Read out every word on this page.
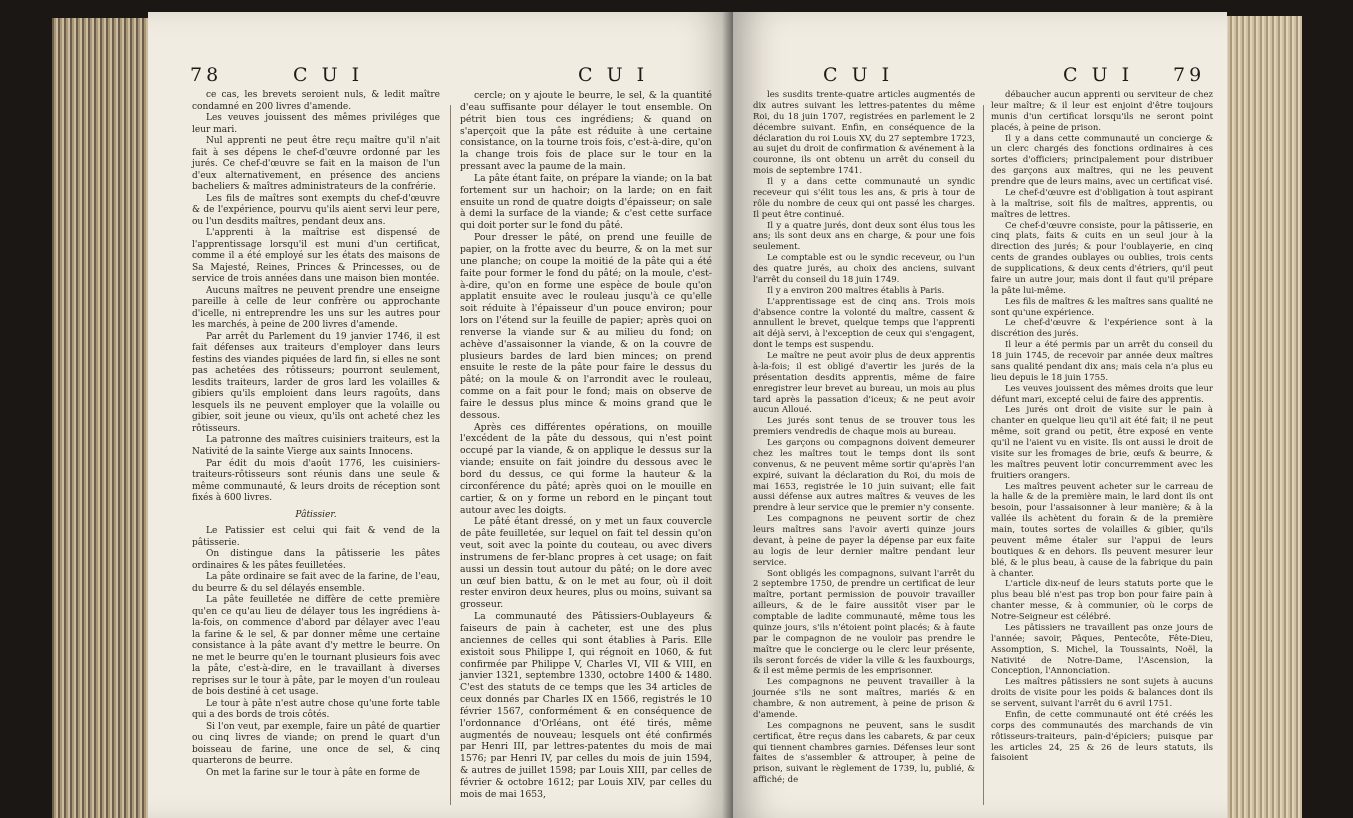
78	C U I	C U I

ce cas, les brevets seroient nuls, & ledit maître condamné en 200 livres d'amende.

Les veuves jouissent des mêmes priviléges que leur mari.

Nul apprenti ne peut être reçu maître qu'il n'ait fait à ses dépens le chef-d'œuvre ordonné par les jurés. Ce chef-d'œuvre se fait en la maison de l'un d'eux alternativement, en présence des anciens bacheliers & maîtres administrateurs de la confrérie.

Les fils de maîtres sont exempts du chef-d'œuvre & de l'expérience, pourvu qu'ils aient servi leur pere, ou l'un desdits maîtres, pendant deux ans.

L'apprenti à la maîtrise est dispensé de l'apprentissage lorsqu'il est muni d'un certificat, comme il a été employé sur les états des maisons de Sa Majesté, Reines, Princes & Princesses, ou de service de trois années dans une maison bien montée.

Aucuns maîtres ne peuvent prendre une enseigne pareille à celle de leur confrère ou approchante d'icelle, ni entreprendre les uns sur les autres pour les marchés, à peine de 200 livres d'amende.

Par arrêt du Parlement du 19 janvier 1746, il est fait défenses aux traiteurs d'employer dans leurs festins des viandes piquées de lard fin, si elles ne sont pas achetées des rôtisseurs; pourront seulement, lesdits traiteurs, larder de gros lard les volailles & gibiers qu'ils emploient dans leurs ragoûts, dans lesquels ils ne peuvent employer que la volaille ou gibier, soit jeune ou vieux, qu'ils ont acheté chez les rôtisseurs.

La patronne des maîtres cuisiniers traiteurs, est la Nativité de la sainte Vierge aux saints Innocens.

Par édit du mois d'août 1776, les cuisiniers-traiteurs-rôtisseurs sont réunis dans une seule & même communauté, & leurs droits de réception sont fixés à 600 livres.

Pâtissier.

Le Patissier est celui qui fait & vend de la pâtisserie.

On distingue dans la pâtisserie les pâtes ordinaires & les pâtes feuilletées.

La pâte ordinaire se fait avec de la farine, de l'eau, du beurre & du sel délayés ensemble.

La pâte feuilletée ne diffère de cette première qu'en ce qu'au lieu de délayer tous les ingrédiens à-la-fois, on commence d'abord par délayer avec l'eau la farine & le sel, & par donner même une certaine consistance à la pâte avant d'y mettre le beurre. On ne met le beurre qu'en le tournant plusieurs fois avec la pâte, c'est-à-dire, en le travaillant à diverses reprises sur le tour à pâte, par le moyen d'un rouleau de bois destiné à cet usage.

Le tour à pâte n'est autre chose qu'une forte table qui a des bords de trois côtés.

Si l'on veut, par exemple, faire un pâté de quartier ou cinq livres de viande; on prend le quart d'un boisseau de farine, une once de sel, & cinq quarterons de beurre.

On met la farine sur le tour à pâte en forme de

cercle; on y ajoute le beurre, le sel, & la quantité d'eau suffisante pour délayer le tout ensemble. On pétrit bien tous ces ingrédiens; & quand on s'aperçoit que la pâte est réduite à une certaine consistance, on la tourne trois fois, c'est-à-dire, qu'on la change trois fois de place sur le tour en la pressant avec la paume de la main.

La pâte étant faite, on prépare la viande; on la bat fortement sur un hachoir; on la larde; on en fait ensuite un rond de quatre doigts d'épaisseur; on sale à demi la surface de la viande; & c'est cette surface qui doit porter sur le fond du pâté.

Pour dresser le pâté, on prend une feuille de papier, on la frotte avec du beurre, & on la met sur une planche; on coupe la moitié de la pâte qui a été faite pour former le fond du pâté; on la moule, c'est-à-dire, qu'on en forme une espèce de boule qu'on applatit ensuite avec le rouleau jusqu'à ce qu'elle soit réduite à l'épaisseur d'un pouce environ; pour lors on l'étend sur la feuille de papier; après quoi on renverse la viande sur & au milieu du fond; on achève d'assaisonner la viande, & on la couvre de plusieurs bardes de lard bien minces; on prend ensuite le reste de la pâte pour faire le dessus du pâté; on la moule & on l'arrondit avec le rouleau, comme on a fait pour le fond; mais on observe de faire le dessus plus mince & moins grand que le dessous.

Après ces différentes opérations, on mouille l'excédent de la pâte du dessous, qui n'est point occupé par la viande, & on applique le dessus sur la viande; ensuite on fait joindre du dessous avec le bord du dessus, ce qui forme la hauteur & la circonférence du pâté; après quoi on le mouille en cartier, & on y forme un rebord en le pinçant tout autour avec les doigts.

Le pâté étant dressé, on y met un faux couvercle de pâte feuilletée, sur lequel on fait tel dessin qu'on veut, soit avec la pointe du couteau, ou avec divers instrumens de fer-blanc propres à cet usage; on fait aussi un dessin tout autour du pâté; on le dore avec un œuf bien battu, & on le met au four, où il doit rester environ deux heures, plus ou moins, suivant sa grosseur.

La communauté des Pâtissiers-Oublayeurs & faiseurs de pain à cacheter, est une des plus anciennes de celles qui sont établies à Paris. Elle existoit sous Philippe I, qui régnoit en 1060, & fut confirmée par Philippe V, Charles VI, VII & VIII, en janvier 1321, septembre 1330, octobre 1400 & 1480. C'est des statuts de ce temps que les 34 articles de ceux donnés par Charles IX en 1566, registrés le 10 février 1567, conformément & en conséquence de l'ordonnance d'Orléans, ont été tirés, même augmentés de nouveau; lesquels ont été confirmés par Henri III, par lettres-patentes du mois de mai 1576; par Henri IV, par celles du mois de juin 1594, & autres de juillet 1598; par Louis XIII, par celles de février & octobre 1612; par Louis XIV, par celles du mois de mai 1653,

C U I	C U I 79

les susdits trente-quatre articles augmentés de dix autres suivant les lettres-patentes du même Roi, du 18 juin 1707, registrées en parlement le 2 décembre suivant. Enfin, en conséquence de la déclaration du roi Louis XV, du 27 septembre 1723, au sujet du droit de confirmation & avénement à la couronne, ils ont obtenu un arrêt du conseil du mois de septembre 1741.

Il y a dans cette communauté un syndic receveur qui s'élit tous les ans, & pris à tour de rôle du nombre de ceux qui ont passé les charges. Il peut être continué.

Il y a quatre jurés, dont deux sont élus tous les ans; ils sont deux ans en charge, & pour une fois seulement.

Le comptable est ou le syndic receveur, ou l'un des quatre jurés, au choix des anciens, suivant l'arrêt du conseil du 18 juin 1749.

Il y a environ 200 maîtres établis à Paris.

L'apprentissage est de cinq ans. Trois mois d'absence contre la volonté du maître, cassent & annullent le brevet, quelque temps que l'apprenti ait déjà servi, à l'exception de ceux qui s'engagent, dont le temps est suspendu.

Le maître ne peut avoir plus de deux apprentis à-la-fois; il est obligé d'avertir les jurés de la présentation desdits apprentis, même de faire enregistrer leur brevet au bureau, un mois au plus tard après la passation d'iceux; & ne peut avoir aucun Alloué.

Les jurés sont tenus de se trouver tous les premiers vendredis de chaque mois au bureau.

Les garçons ou compagnons doivent demeurer chez les maîtres tout le temps dont ils sont convenus, & ne peuvent même sortir qu'après l'an expiré, suivant la déclaration du Roi, du mois de mai 1653, registrée le 10 juin suivant; elle fait aussi défense aux autres maîtres & veuves de les prendre à leur service que le premier n'y consente.

Les compagnons ne peuvent sortir de chez leurs maîtres sans l'avoir averti quinze jours devant, à peine de payer la dépense par eux faite au logis de leur dernier maître pendant leur service.

Sont obligés les compagnons, suivant l'arrêt du 2 septembre 1750, de prendre un certificat de leur maître, portant permission de pouvoir travailler ailleurs, & de le faire aussitôt viser par le comptable de ladite communauté, même tous les quinze jours, s'ils n'étoient point placés; & à faute par le compagnon de ne vouloir pas prendre le maître que le concierge ou le clerc leur présente, ils seront forcés de vider la ville & les fauxbourgs, & il est même permis de les emprisonner.

Les compagnons ne peuvent travailler à la journée s'ils ne sont maîtres, mariés & en chambre, & non autrement, à peine de prison & d'amende.

Les compagnons ne peuvent, sans le susdit certificat, être reçus dans les cabarets, & par ceux qui tiennent chambres garnies. Défenses leur sont faites de s'assembler & attrouper, à peine de prison, suivant le règlement de 1739, lu, publié, & affiché; de

débaucher aucun apprenti ou serviteur de chez leur maître; & il leur est enjoint d'être toujours munis d'un certificat lorsqu'ils ne seront point placés, à peine de prison.

Il y a dans cette communauté un concierge & un clerc chargés des fonctions ordinaires à ces sortes d'officiers; principalement pour distribuer des garçons aux maîtres, qui ne les peuvent prendre que de leurs mains, avec un certificat visé.

Le chef-d'œuvre est d'obligation à tout aspirant à la maîtrise, soit fils de maîtres, apprentis, ou maîtres de lettres.

Ce chef-d'œuvre consiste, pour la pâtisserie, en cinq plats, faits & cuits en un seul jour à la direction des jurés; & pour l'oublayerie, en cinq cents de grandes oublayes ou oublies, trois cents de supplications, & deux cents d'étriers, qu'il peut faire un autre jour, mais dont il faut qu'il prépare la pâte lui-même.

Les fils de maîtres & les maîtres sans qualité ne sont qu'une expérience.

Le chef-d'œuvre & l'expérience sont à la discrétion des jurés.

Il leur a été permis par un arrêt du conseil du 18 juin 1745, de recevoir par année deux maîtres sans qualité pendant dix ans; mais cela n'a plus eu lieu depuis le 18 juin 1755.

Les veuves jouissent des mêmes droits que leur défunt mari, excepté celui de faire des apprentis.

Les jurés ont droit de visite sur le pain à chanter en quelque lieu qu'il ait été fait; il ne peut même, soit grand ou petit, être exposé en vente qu'il ne l'aient vu en visite. Ils ont aussi le droit de visite sur les fromages de brie, œufs & beurre, & les maîtres peuvent lotir concurremment avec les fruitiers orangers.

Les maîtres peuvent acheter sur le carreau de la halle & de la première main, le lard dont ils ont besoin, pour l'assaisonner à leur manière; & à la vallée ils achètent du forain & de la première main, toutes sortes de volailles & gibier, qu'ils peuvent même étaler sur l'appui de leurs boutiques & en dehors. Ils peuvent mesurer leur blé, & le plus beau, à cause de la fabrique du pain à chanter.

L'article dix-neuf de leurs statuts porte que le plus beau blé n'est pas trop bon pour faire pain à chanter messe, & à communier, où le corps de Notre-Seigneur est célébré.

Les pâtissiers ne travaillent pas onze jours de l'année; savoir, Pâques, Pentecôte, Fête-Dieu, Assomption, S. Michel, la Toussaints, Noël, la Nativité de Notre-Dame, l'Ascension, la Conception, l'Annonciation.

Les maîtres pâtissiers ne sont sujets à aucuns droits de visite pour les poids & balances dont ils se servent, suivant l'arrêt du 6 avril 1751.

Enfin, de cette communauté ont été créés les corps des communautés des marchands de vin rôtisseurs-traiteurs, pain-d'épiciers; puisque par les articles 24, 25 & 26 de leurs statuts, ils faisoient
